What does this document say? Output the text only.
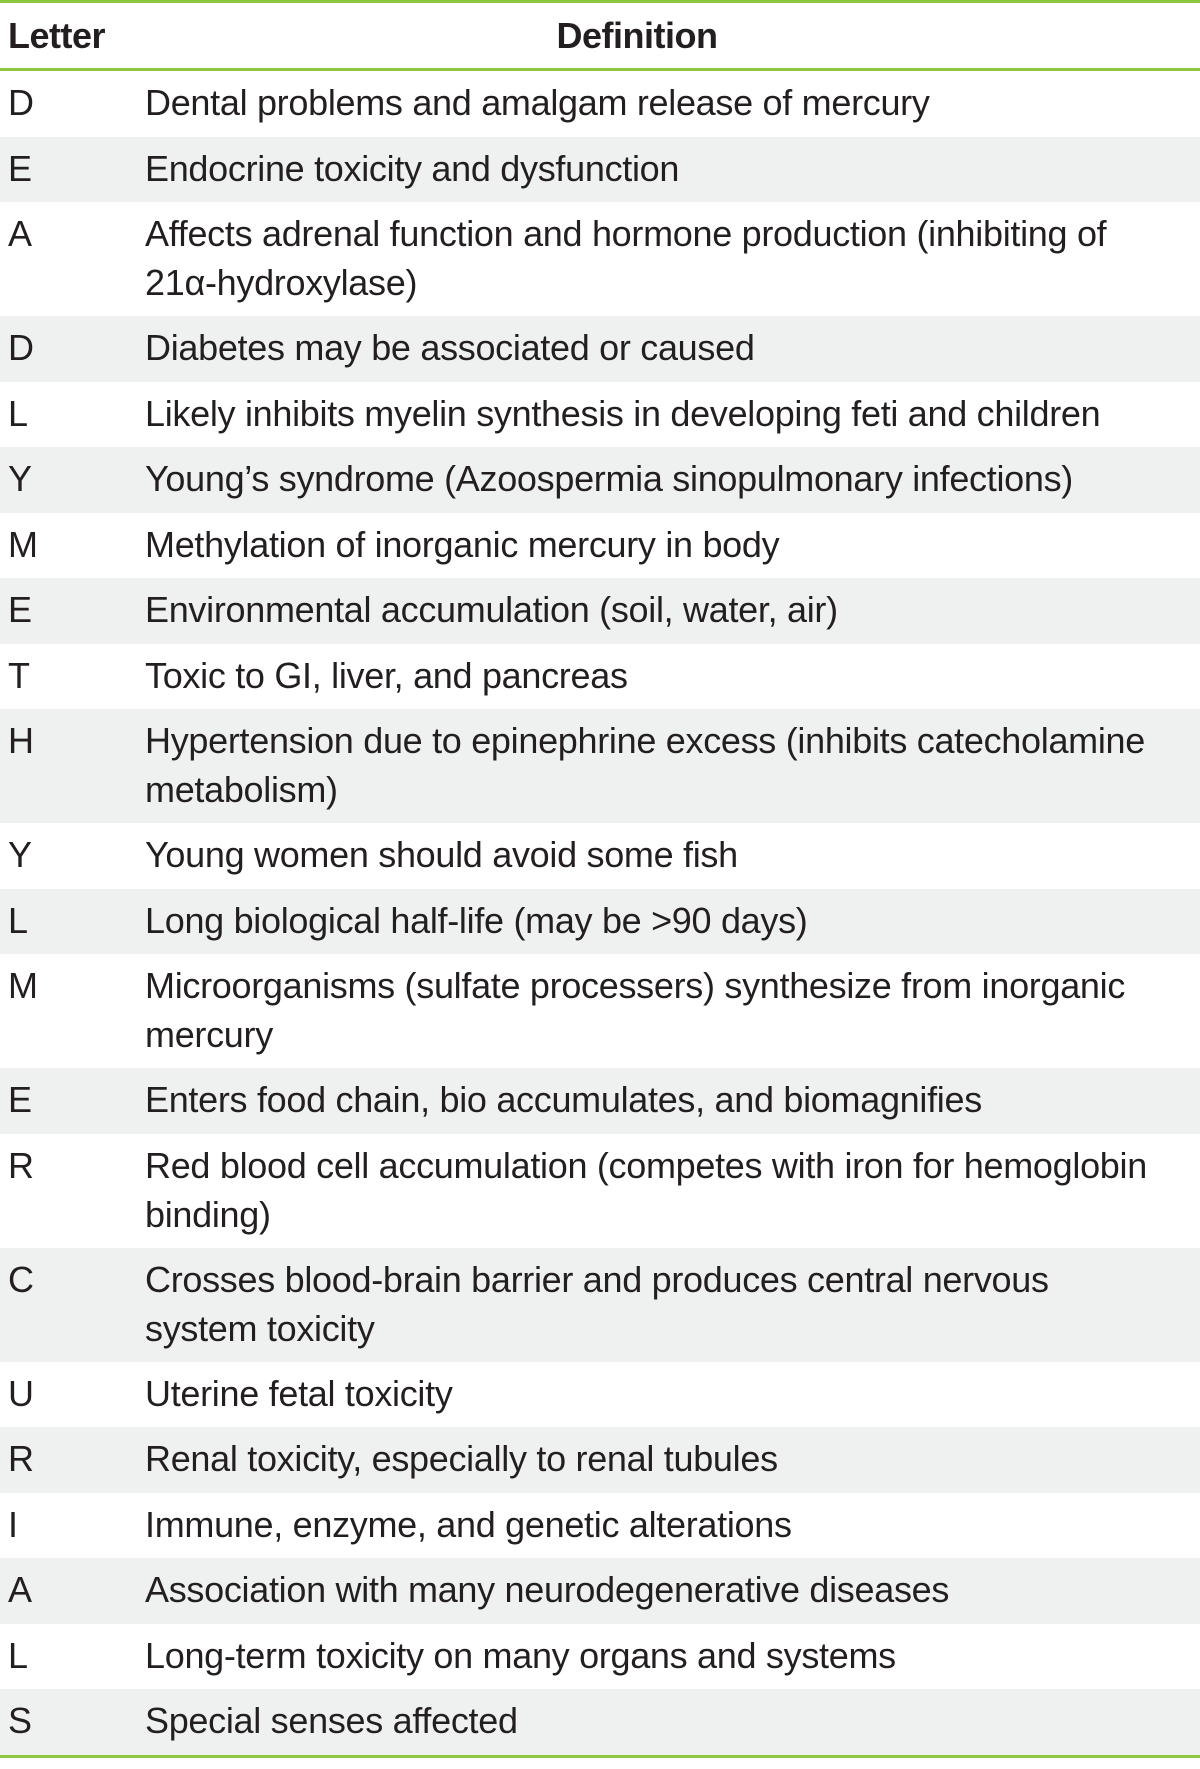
Letter	Definition
D	Dental problems and amalgam release of mercury
E	Endocrine toxicity and dysfunction
A	Affects adrenal function and hormone production (inhibiting of 21α-hydroxylase)
D	Diabetes may be associated or caused
L	Likely inhibits myelin synthesis in developing feti and children
Y	Young’s syndrome (Azoospermia sinopulmonary infections)
M	Methylation of inorganic mercury in body
E	Environmental accumulation (soil, water, air)
T	Toxic to GI, liver, and pancreas
H	Hypertension due to epinephrine excess (inhibits catecholamine metabolism)
Y	Young women should avoid some fish
L	Long biological half-life (may be >90 days)
M	Microorganisms (sulfate processers) synthesize from inorganic mercury
E	Enters food chain, bio accumulates, and biomagnifies
R	Red blood cell accumulation (competes with iron for hemoglobin binding)
C	Crosses blood-brain barrier and produces central nervous system toxicity
U	Uterine fetal toxicity
R	Renal toxicity, especially to renal tubules
I	Immune, enzyme, and genetic alterations
A	Association with many neurodegenerative diseases
L	Long-term toxicity on many organs and systems
S	Special senses affected
